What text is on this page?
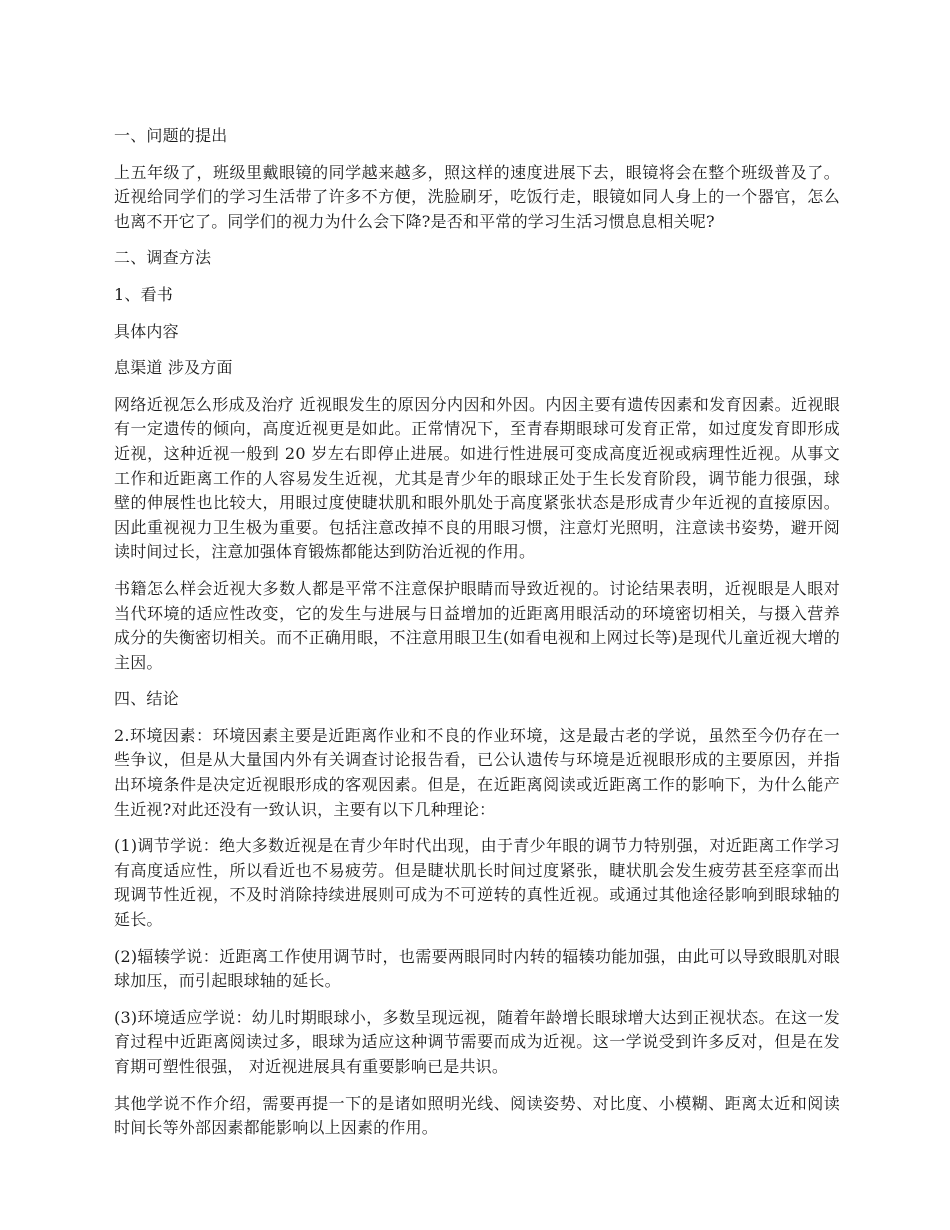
一、问题的提出

上五年级了，班级里戴眼镜的同学越来越多，照这样的速度进展下去，眼镜将会在整个班级普及了。近视给同学们的学习生活带了许多不方便，洗脸刷牙，吃饭行走，眼镜如同人身上的一个器官，怎么也离不开它了。同学们的视力为什么会下降?是否和平常的学习生活习惯息息相关呢?

二、调查方法

1、看书

具体内容

息渠道 涉及方面

网络近视怎么形成及治疗 近视眼发生的原因分内因和外因。内因主要有遗传因素和发育因素。近视眼有一定遗传的倾向，高度近视更是如此。正常情况下，至青春期眼球可发育正常，如过度发育即形成近视，这种近视一般到 20 岁左右即停止进展。如进行性进展可变成高度近视或病理性近视。从事文工作和近距离工作的人容易发生近视，尤其是青少年的眼球正处于生长发育阶段，调节能力很强，球壁的伸展性也比较大，用眼过度使睫状肌和眼外肌处于高度紧张状态是形成青少年近视的直接原因。因此重视视力卫生极为重要。包括注意改掉不良的用眼习惯，注意灯光照明，注意读书姿势，避开阅读时间过长，注意加强体育锻炼都能达到防治近视的作用。

书籍怎么样会近视大多数人都是平常不注意保护眼睛而导致近视的。讨论结果表明，近视眼是人眼对当代环境的适应性改变，它的发生与进展与日益增加的近距离用眼活动的环境密切相关，与摄入营养成分的失衡密切相关。而不正确用眼，不注意用眼卫生(如看电视和上网过长等)是现代儿童近视大增的主因。

四、结论

2.环境因素：环境因素主要是近距离作业和不良的作业环境，这是最古老的学说，虽然至今仍存在一些争议，但是从大量国内外有关调查讨论报告看，已公认遗传与环境是近视眼形成的主要原因，并指出环境条件是决定近视眼形成的客观因素。但是，在近距离阅读或近距离工作的影响下，为什么能产生近视?对此还没有一致认识，主要有以下几种理论：

(1)调节学说：绝大多数近视是在青少年时代出现，由于青少年眼的调节力特别强，对近距离工作学习有高度适应性，所以看近也不易疲劳。但是睫状肌长时间过度紧张，睫状肌会发生疲劳甚至痉挛而出现调节性近视，不及时消除持续进展则可成为不可逆转的真性近视。或通过其他途径影响到眼球轴的延长。

(2)辐辏学说：近距离工作使用调节时，也需要两眼同时内转的辐辏功能加强，由此可以导致眼肌对眼球加压，而引起眼球轴的延长。

(3)环境适应学说：幼儿时期眼球小，多数呈现远视，随着年龄增长眼球增大达到正视状态。在这一发育过程中近距离阅读过多，眼球为适应这种调节需要而成为近视。这一学说受到许多反对，但是在发育期可塑性很强， 对近视进展具有重要影响已是共识。

其他学说不作介绍，需要再提一下的是诸如照明光线、阅读姿势、对比度、小模糊、距离太近和阅读时间长等外部因素都能影响以上因素的作用。
